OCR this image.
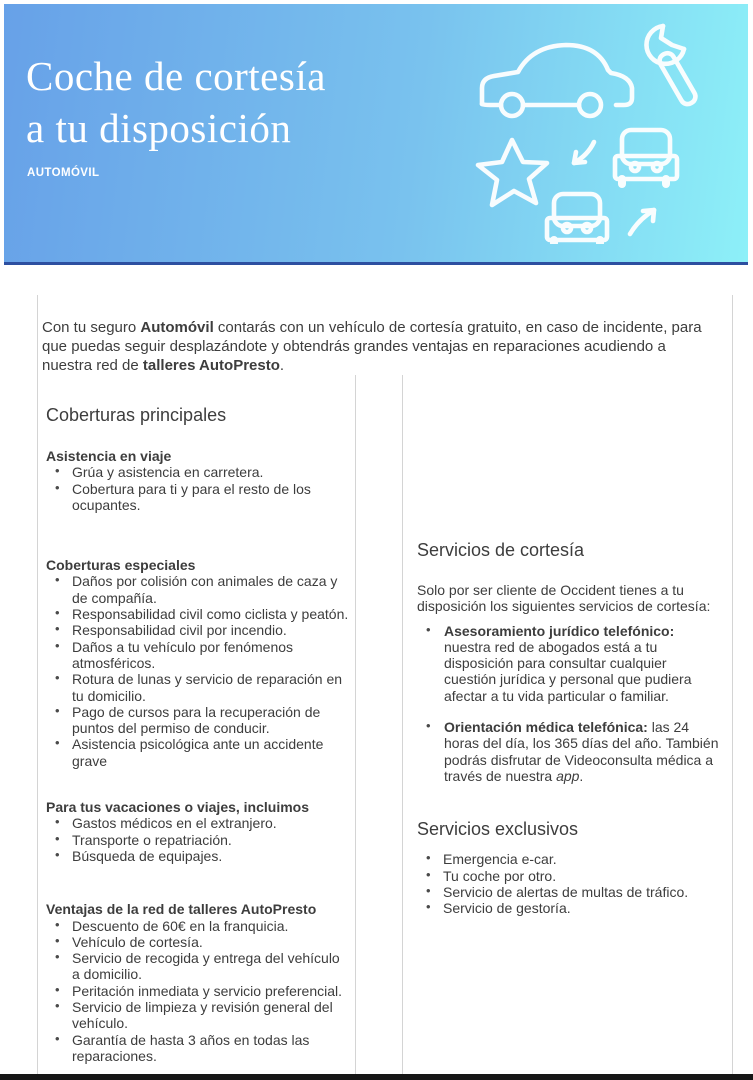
Coche de cortesía
a tu disposición
AUTOMÓVIL

Con tu seguro Automóvil contarás con un vehículo de cortesía gratuito, en caso de incidente, para que puedas seguir desplazándote y obtendrás grandes ventajas en reparaciones acudiendo a nuestra red de talleres AutoPresto.

Coberturas principales
Asistencia en viaje
• Grúa y asistencia en carretera.
• Cobertura para ti y para el resto de los ocupantes.
Coberturas especiales
• Daños por colisión con animales de caza y de compañía.
• Responsabilidad civil como ciclista y peatón.
• Responsabilidad civil por incendio.
• Daños a tu vehículo por fenómenos atmosféricos.
• Rotura de lunas y servicio de reparación en tu domicilio.
• Pago de cursos para la recuperación de puntos del permiso de conducir.
• Asistencia psicológica ante un accidente grave
Para tus vacaciones o viajes, incluimos
• Gastos médicos en el extranjero.
• Transporte o repatriación.
• Búsqueda de equipajes.
Ventajas de la red de talleres AutoPresto
• Descuento de 60€ en la franquicia.
• Vehículo de cortesía.
• Servicio de recogida y entrega del vehículo a domicilio.
• Peritación inmediata y servicio preferencial.
• Servicio de limpieza y revisión general del vehículo.
• Garantía de hasta 3 años en todas las reparaciones.
Servicios de cortesía

Solo por ser cliente de Occident tienes a tu disposición los siguientes servicios de cortesía:

• Asesoramiento jurídico telefónico: nuestra red de abogados está a tu disposición para consultar cualquier cuestión jurídica y personal que pudiera afectar a tu vida particular o familiar.
• Orientación médica telefónica: las 24 horas del día, los 365 días del año. También podrás disfrutar de Videoconsulta médica a través de nuestra app.
Servicios exclusivos
• Emergencia e-car.
• Tu coche por otro.
• Servicio de alertas de multas de tráfico.
• Servicio de gestoría.
